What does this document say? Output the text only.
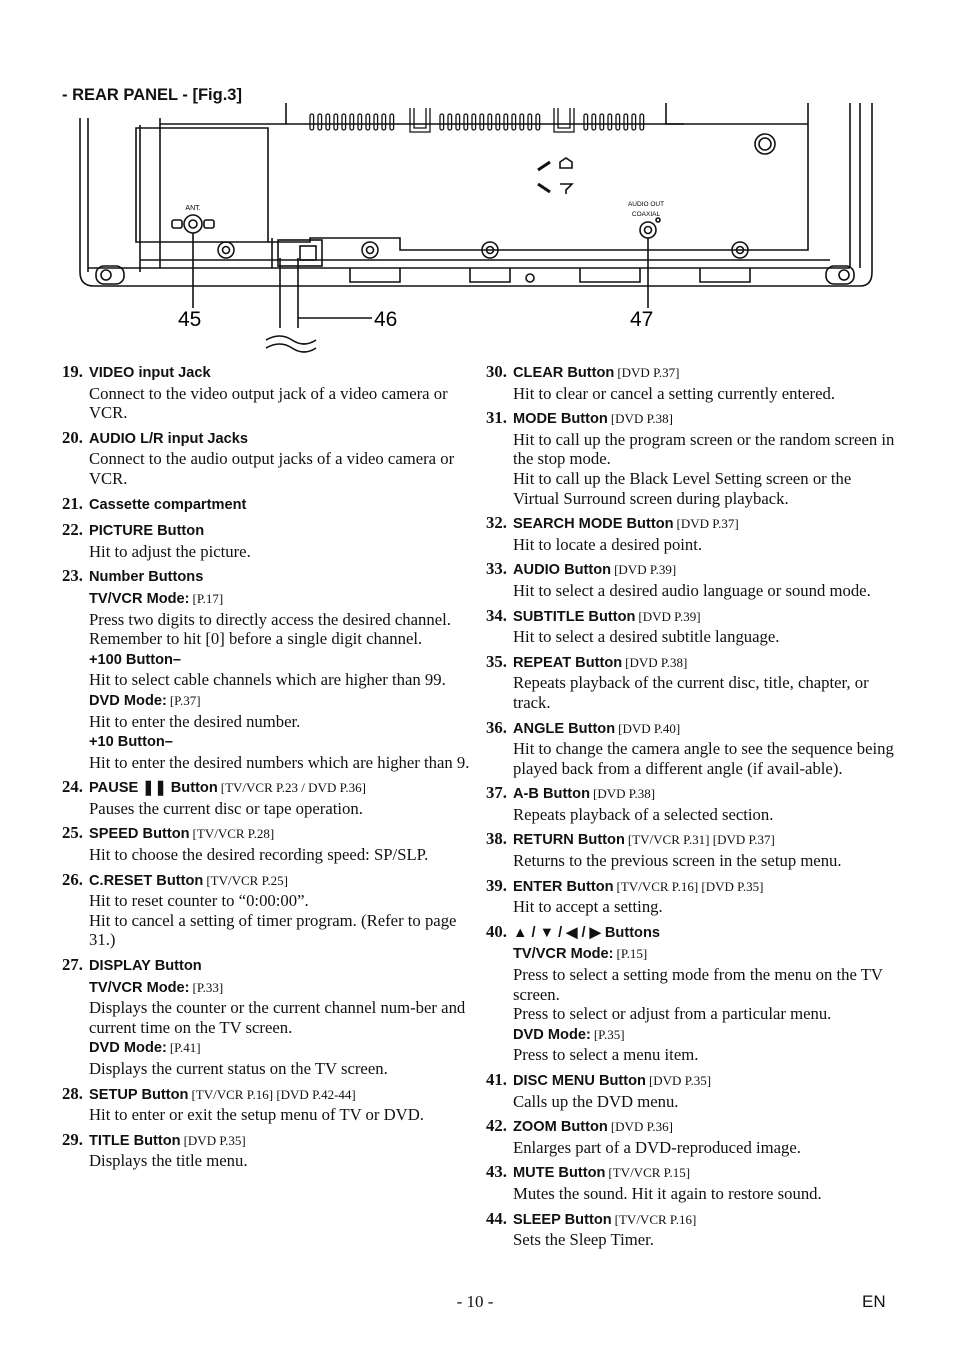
- REAR PANEL - [Fig.3]
ANT.
AUDIO OUT
COAXIAL
45	46	47
19. VIDEO input Jack
Connect to the video output jack of a video camera or VCR.
20. AUDIO L/R input Jacks
Connect to the audio output jacks of a video camera or VCR.
21. Cassette compartment
22. PICTURE Button
Hit to adjust the picture.
23. Number Buttons
TV/VCR Mode: [P.17]
Press two digits to directly access the desired channel.
Remember to hit [0] before a single digit channel.
+100 Button–
Hit to select cable channels which are higher than 99.
DVD Mode: [P.37]
Hit to enter the desired number.
+10 Button–
Hit to enter the desired numbers which are higher than 9.
24. PAUSE ❚❚ Button [TV/VCR P.23 / DVD P.36]
Pauses the current disc or tape operation.
25. SPEED Button [TV/VCR P.28]
Hit to choose the desired recording speed: SP/SLP.
26. C.RESET Button [TV/VCR P.25]
Hit to reset counter to “0:00:00”.
Hit to cancel a setting of timer program. (Refer to page 31.)
27. DISPLAY Button
TV/VCR Mode: [P.33]
Displays the counter or the current channel num-ber and current time on the TV screen.
DVD Mode: [P.41]
Displays the current status on the TV screen.
28. SETUP Button [TV/VCR P.16] [DVD P.42-44]
Hit to enter or exit the setup menu of TV or DVD.
29. TITLE Button [DVD P.35]
Displays the title menu.
30. CLEAR Button [DVD P.37]
Hit to clear or cancel a setting currently entered.
31. MODE Button [DVD P.38]
Hit to call up the program screen or the random screen in the stop mode.
Hit to call up the Black Level Setting screen or the Virtual Surround screen during playback.
32. SEARCH MODE Button [DVD P.37]
Hit to locate a desired point.
33. AUDIO Button [DVD P.39]
Hit to select a desired audio language or sound mode.
34. SUBTITLE Button [DVD P.39]
Hit to select a desired subtitle language.
35. REPEAT Button [DVD P.38]
Repeats playback of the current disc, title, chapter, or track.
36. ANGLE Button [DVD P.40]
Hit to change the camera angle to see the sequence being played back from a different angle (if avail-able).
37. A-B Button [DVD P.38]
Repeats playback of a selected section.
38. RETURN Button [TV/VCR P.31] [DVD P.37]
Returns to the previous screen in the setup menu.
39. ENTER Button [TV/VCR P.16] [DVD P.35]
Hit to accept a setting.
40. ▲ / ▼ / ◀ / ▶ Buttons
TV/VCR Mode: [P.15]
Press to select a setting mode from the menu on the TV screen.
Press to select or adjust from a particular menu.
DVD Mode: [P.35]
Press to select a menu item.
41. DISC MENU Button [DVD P.35]
Calls up the DVD menu.
42. ZOOM Button [DVD P.36]
Enlarges part of a DVD-reproduced image.
43. MUTE Button [TV/VCR P.15]
Mutes the sound. Hit it again to restore sound.
44. SLEEP Button [TV/VCR P.16]
Sets the Sleep Timer.
- 10 -	EN
